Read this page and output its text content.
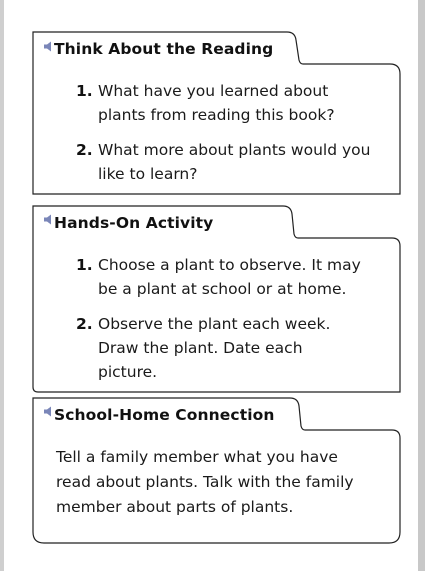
Think About the Reading
1. What have you learned about plants from reading this book?
2. What more about plants would you like to learn?
Hands-On Activity
1. Choose a plant to observe. It may be a plant at school or at home.
2. Observe the plant each week. Draw the plant. Date each picture.
School-Home Connection

Tell a family member what you have read about plants. Talk with the family member about parts of plants.
